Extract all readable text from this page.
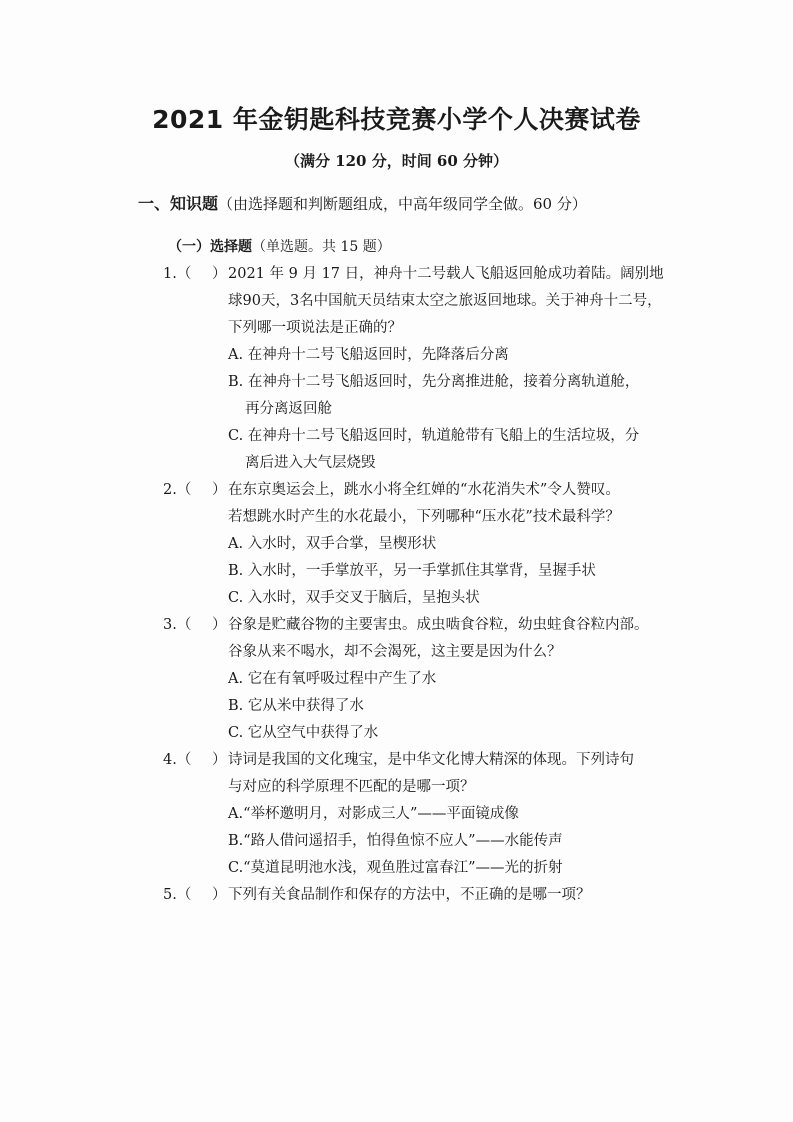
2021 年金钥匙科技竞赛小学个人决赛试卷
（满分 120 分，时间 60 分钟）
一、知识题（由选择题和判断题组成，中高年级同学全做。60 分）
（一）选择题（单选题。共 15 题）
1.（ ） 2021 年 9 月 17 日，神舟十二号载人飞船返回舱成功着陆。阔别地
球90天，3名中国航天员结束太空之旅返回地球。关于神舟十二号，
下列哪一项说法是正确的？
A. 在神舟十二号飞船返回时，先降落后分离
B. 在神舟十二号飞船返回时，先分离推进舱，接着分离轨道舱，
再分离返回舱
C. 在神舟十二号飞船返回时，轨道舱带有飞船上的生活垃圾，分
离后进入大气层烧毁
2.（ ） 在东京奥运会上，跳水小将全红婵的“水花消失术”令人赞叹。
若想跳水时产生的水花最小，下列哪种“压水花”技术最科学？
A. 入水时，双手合掌，呈楔形状
B. 入水时，一手掌放平，另一手掌抓住其掌背，呈握手状
C. 入水时，双手交叉于脑后，呈抱头状
3.（ ） 谷象是贮藏谷物的主要害虫。成虫啮食谷粒，幼虫蛀食谷粒内部。
谷象从来不喝水，却不会渴死，这主要是因为什么？
A. 它在有氧呼吸过程中产生了水
B. 它从米中获得了水
C. 它从空气中获得了水
4.（ ） 诗词是我国的文化瑰宝，是中华文化博大精深的体现。下列诗句
与对应的科学原理不匹配的是哪一项？
A.“举杯邀明月，对影成三人”——平面镜成像
B.“路人借问遥招手，怕得鱼惊不应人”——水能传声
C.“莫道昆明池水浅，观鱼胜过富春江”——光的折射
5.（ ） 下列有关食品制作和保存的方法中，不正确的是哪一项？
